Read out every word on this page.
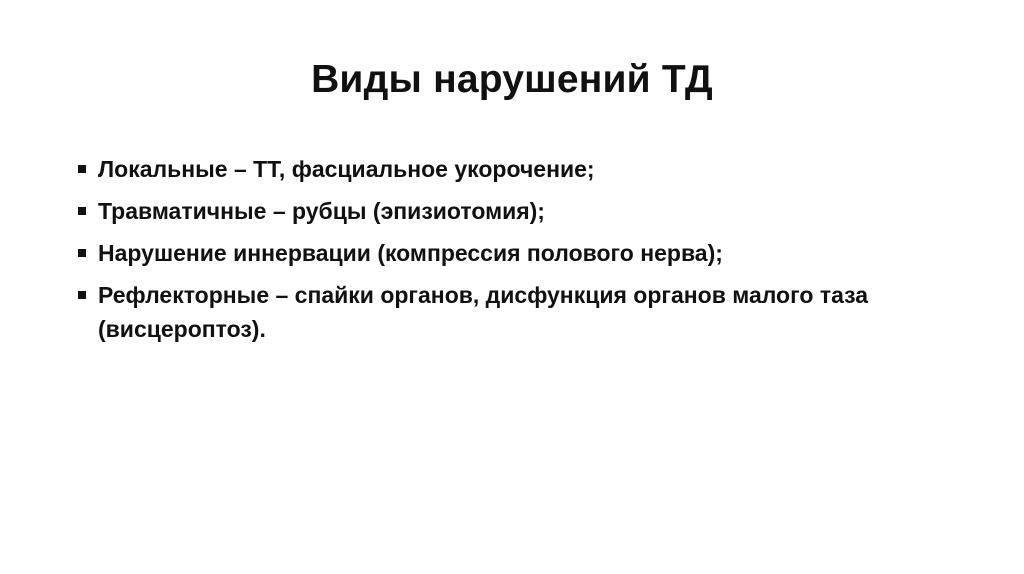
Виды нарушений ТД
Локальные – ТТ, фасциальное укорочение;
Травматичные – рубцы (эпизиотомия);
Нарушение иннервации (компрессия полового нерва);
Рефлекторные – спайки органов, дисфункция органов малого таза (висцероптоз).
